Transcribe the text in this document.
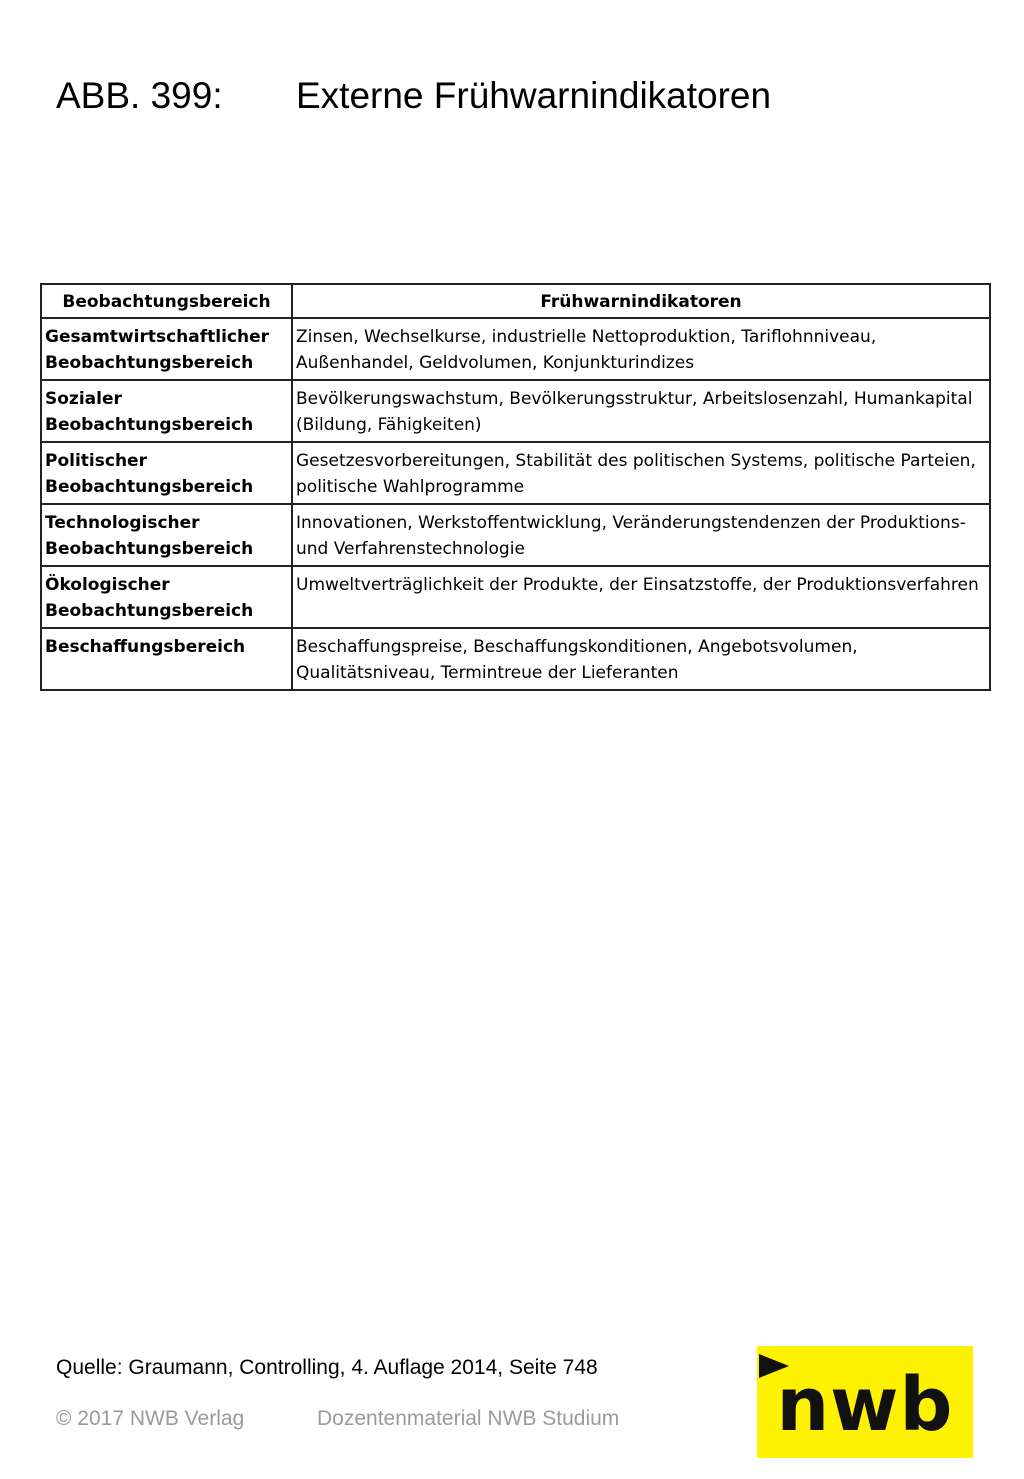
ABB. 399: Externe Frühwarnindikatoren
Beobachtungsbereich	Frühwarnindikatoren
Gesamtwirtschaftlicher Beobachtungsbereich	Zinsen, Wechselkurse, industrielle Nettoproduktion, Tariflohnniveau, Außenhandel, Geldvolumen, Konjunkturindizes
Sozialer Beobachtungsbereich	Bevölkerungswachstum, Bevölkerungsstruktur, Arbeitslosenzahl, Humankapital (Bildung, Fähigkeiten)
Politischer Beobachtungsbereich	Gesetzesvorbereitungen, Stabilität des politischen Systems, politische Parteien, politische Wahlprogramme
Technologischer Beobachtungsbereich	Innovationen, Werkstoffentwicklung, Veränderungstendenzen der Produktions- und Verfahrenstechnologie
Ökologischer Beobachtungsbereich	Umweltverträglichkeit der Produkte, der Einsatzstoffe, der Produktionsverfahren
Beschaffungsbereich	Beschaffungspreise, Beschaffungskonditionen, Angebotsvolumen, Qualitätsniveau, Termintreue der Lieferanten
Quelle: Graumann, Controlling, 4. Auflage 2014, Seite 748
© 2017 NWB Verlag	Dozentenmaterial NWB Studium nwb
